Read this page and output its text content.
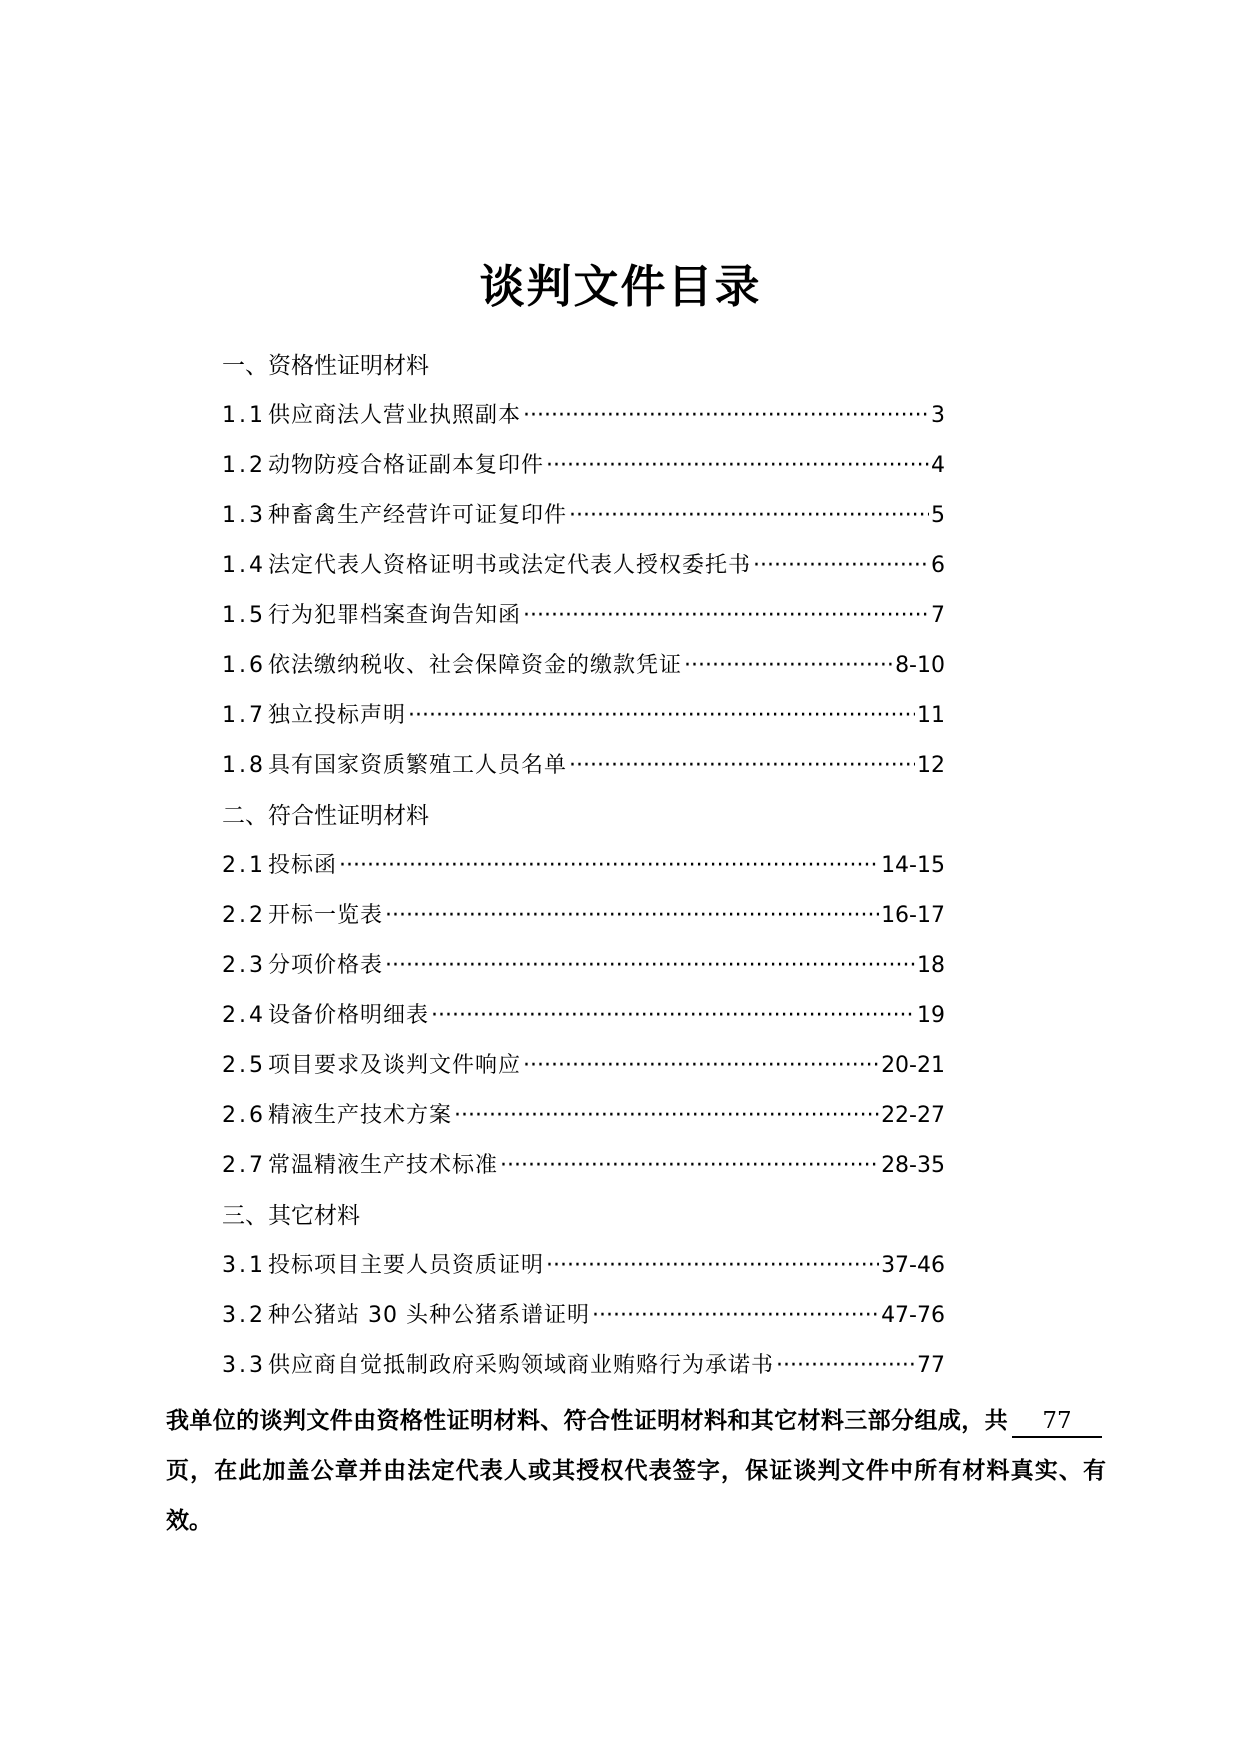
谈判文件目录
一、资格性证明材料
1.1 供应商法人营业执照副本 ·····	3
1.2 动物防疫合格证副本复印件 ·····	4
1.3 种畜禽生产经营许可证复印件 ·····	5
1.4 法定代表人资格证明书或法定代表人授权委托书 ·····	6
1.5 行为犯罪档案查询告知函 ·····	7
1.6 依法缴纳税收、社会保障资金的缴款凭证 ·····	8-10
1.7 独立投标声明 ·····	11
1.8 具有国家资质繁殖工人员名单 ·····	12
二、符合性证明材料
2.1 投标函 ·····	14-15
2.2 开标一览表 ·····	16-17
2.3 分项价格表 ·····	18
2.4 设备价格明细表 ·····	19
2.5 项目要求及谈判文件响应 ·····	20-21
2.6 精液生产技术方案 ·····	22-27
2.7 常温精液生产技术标准 ·····	28-35
三、其它材料
3.1 投标项目主要人员资质证明 ·····	37-46
3.2 种公猪站 30 头种公猪系谱证明 ·····	47-76
3.3 供应商自觉抵制政府采购领域商业贿赂行为承诺书 ·····	77
我单位的谈判文件由资格性证明材料、符合性证明材料和其它材料三部分组成，共 77页，在此加盖公章并由法定代表人或其授权代表签字，保证谈判文件中所有材料真实、有效。
